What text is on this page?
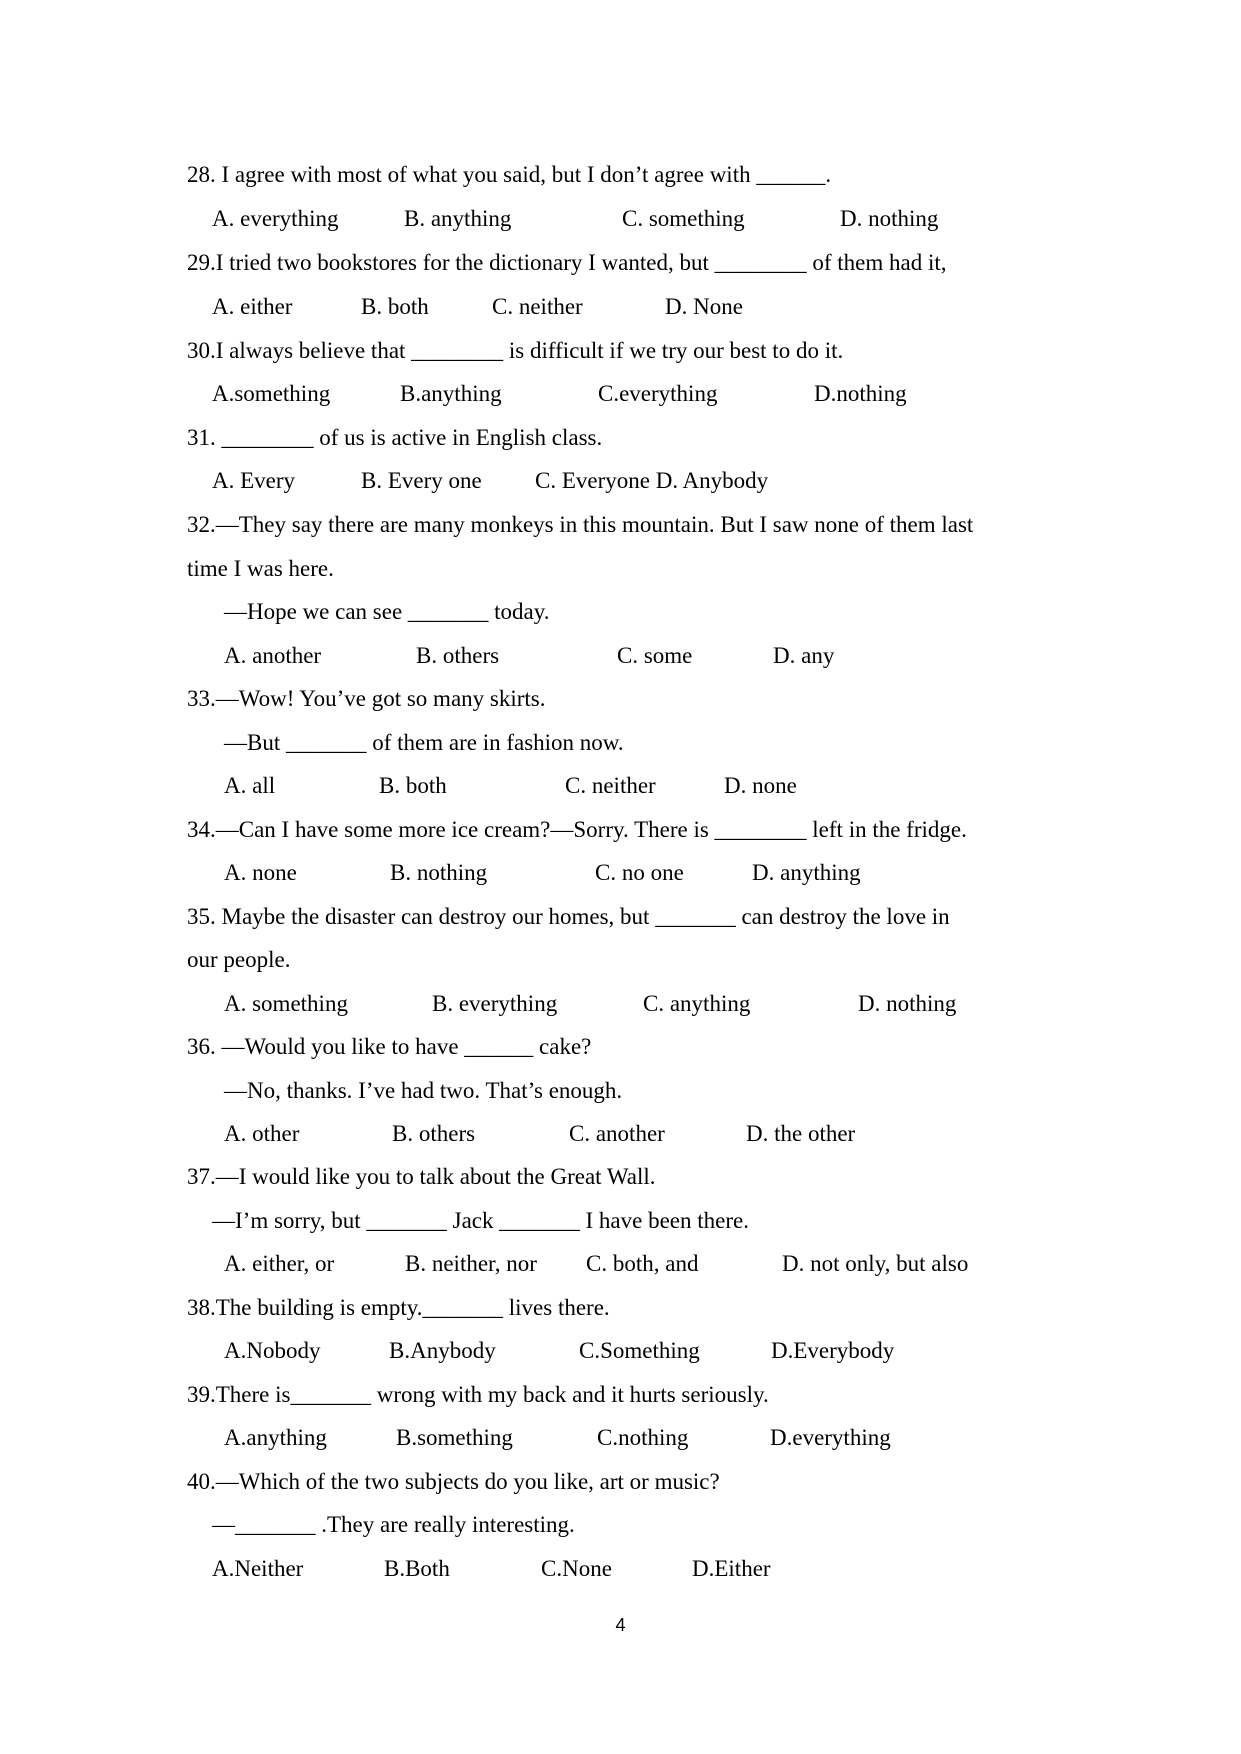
28. I agree with most of what you said, but I don’t agree with ______.
A. everything	B. anything	C. something	D. nothing
29.I tried two bookstores for the dictionary I wanted, but ________ of them had it,
A. either	B. both	C. neither	D. None
30.I always believe that ________ is difficult if we try our best to do it.
A.something	B.anything	C.everything	D.nothing
31. ________ of us is active in English class.
A. Every	B. Every one C. Everyone D. Anybody
32.—They say there are many monkeys in this mountain. But I saw none of them last
time I was here.
—Hope we can see _______ today.
A. another	B. others	C. some	D. any
33.—Wow! You’ve got so many skirts.
—But _______ of them are in fashion now.
A. all	B. both	C. neither	D. none
34.—Can I have some more ice cream?—Sorry. There is ________ left in the fridge.
A. none	B. nothing	C. no one	D. anything
35. Maybe the disaster can destroy our homes, but _______ can destroy the love in
our people.
A. something	B. everything	C. anything	D. nothing
36. —Would you like to have ______ cake?
—No, thanks. I’ve had two. That’s enough.
A. other	B. others	C. another	D. the other
37.—I would like you to talk about the Great Wall.
—I’m sorry, but _______ Jack _______ I have been there.
A. either, or	B. neither, nor C. both, and	D. not only, but also
38.The building is empty._______ lives there.
A.Nobody	B.Anybody	C.Something	D.Everybody
39.There is_______ wrong with my back and it hurts seriously.
A.anything	B.something	C.nothing	D.everything
40.—Which of the two subjects do you like, art or music?
—_______ .They are really interesting.
A.Neither	B.Both	C.None	D.Either
4
